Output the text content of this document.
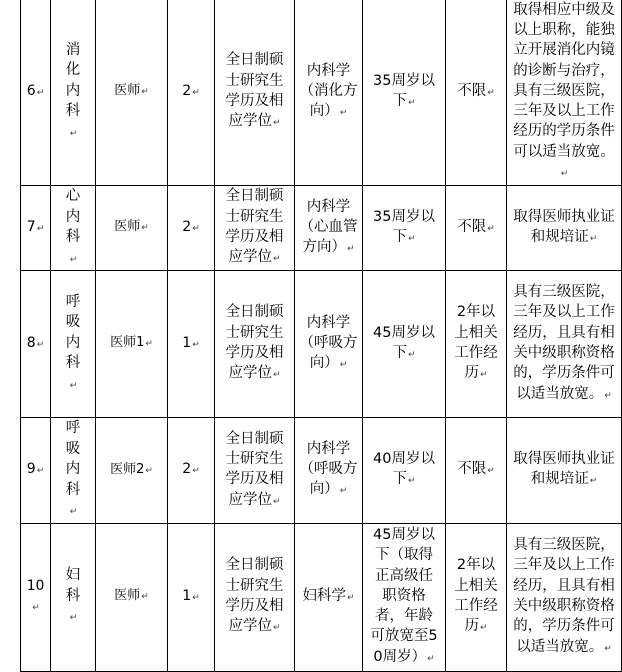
6↵	消化内科↵	医师↵	2↵	全日制硕士研究生学历及相应学位↵	内科学（消化方向）↵	35周岁以下↵	不限↵	取得相应中级及以上职称，能独立开展消化内镜的诊断与治疗，具有三级医院，三年及以上工作经历的学历条件可以适当放宽。↵

7↵	心内科↵	医师↵	2↵	全日制硕士研究生学历及相应学位↵	内科学（心血管方向）↵	35周岁以下↵	不限↵	取得医师执业证和规培证↵

8↵	呼吸内科↵	医师1↵	1↵	全日制硕士研究生学历及相应学位↵	内科学（呼吸方向）↵	45周岁以下↵	2年以上相关工作经历↵	具有三级医院，三年及以上工作经历，且具有相关中级职称资格的，学历条件可以适当放宽。↵

9↵	呼吸内科↵	医师2↵	2↵	全日制硕士研究生学历及相应学位↵	内科学（呼吸方向）↵	40周岁以下↵	不限↵	取得医师执业证和规培证↵

10↵	妇科↵	医师↵	1↵	全日制硕士研究生学历及相应学位↵	妇科学↵	45周岁以下（取得正高级任职资格者，年龄可放宽至50周岁）↵	2年以上相关工作经历↵	具有三级医院，三年及以上工作经历，且具有相关中级职称资格的，学历条件可以适当放宽。↵
